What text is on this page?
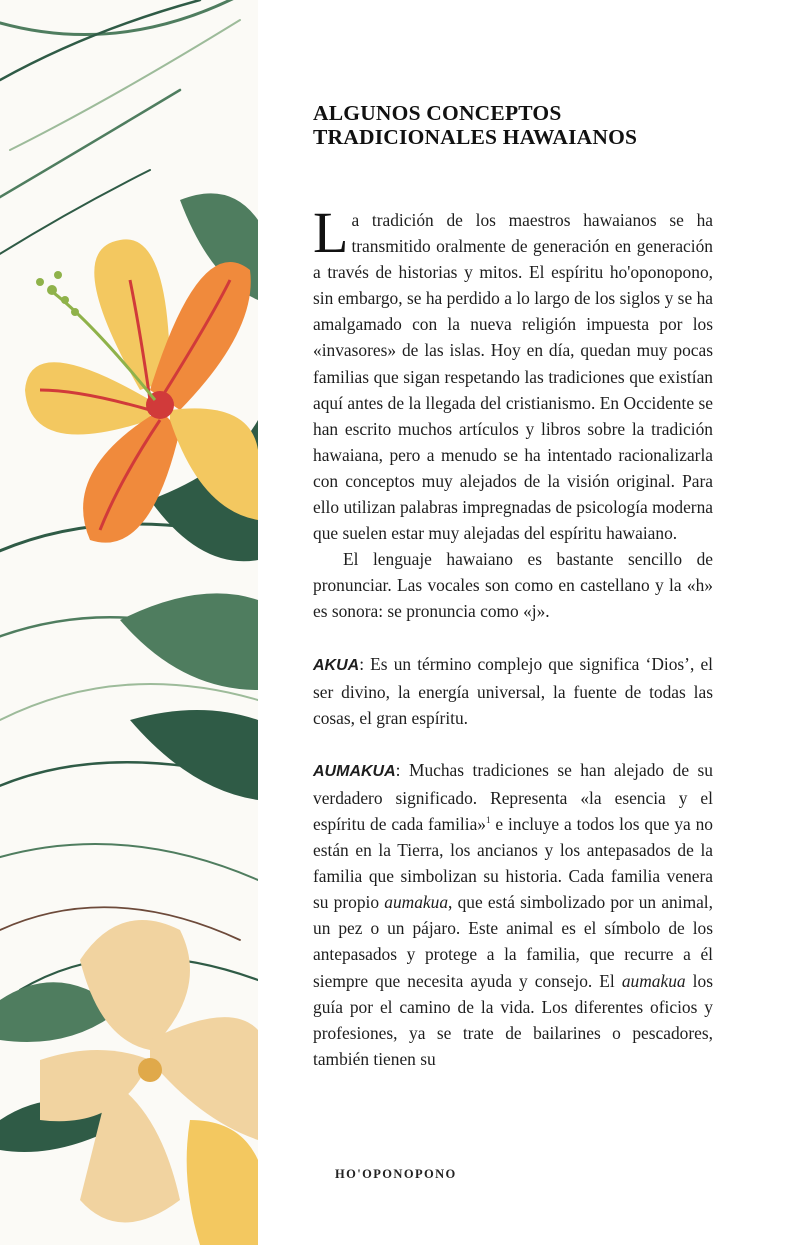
ALGUNOS CONCEPTOS
TRADICIONALES HAWAIANOS

La tradición de los maestros hawaianos se ha transmitido oralmente de generación en generación a través de historias y mitos. El espíritu ho'oponopono, sin embargo, se ha perdido a lo largo de los siglos y se ha amalgamado con la nueva religión impuesta por los «invasores» de las islas. Hoy en día, quedan muy pocas familias que sigan respetando las tradiciones que existían aquí antes de la llegada del cristianismo. En Occidente se han escrito muchos artículos y libros sobre la tradición hawaiana, pero a menudo se ha intentado racionalizarla con conceptos muy alejados de la visión original. Para ello utilizan palabras impregnadas de psicología moderna que suelen estar muy alejadas del espíritu hawaiano.

El lenguaje hawaiano es bastante sencillo de pronunciar. Las vocales son como en castellano y la «h» es sonora: se pronuncia como «j».

AKUA: Es un término complejo que significa ‘Dios’, el ser divino, la energía universal, la fuente de todas las cosas, el gran espíritu.

AUMAKUA: Muchas tradiciones se han alejado de su verdadero significado. Representa «la esencia y el espíritu de cada familia»$^1$ e incluye a todos los que ya no están en la Tierra, los ancianos y los antepasados de la familia que simbolizan su historia. Cada familia venera su propio aumakua, que está simbolizado por un animal, un pez o un pájaro. Este animal es el símbolo de los antepasados y protege a la familia, que recurre a él siempre que necesita ayuda y consejo. El aumakua los guía por el camino de la vida. Los diferentes oficios y profesiones, ya se trate de bailarines o pescadores, también tienen su

HO'OPONOPONO
